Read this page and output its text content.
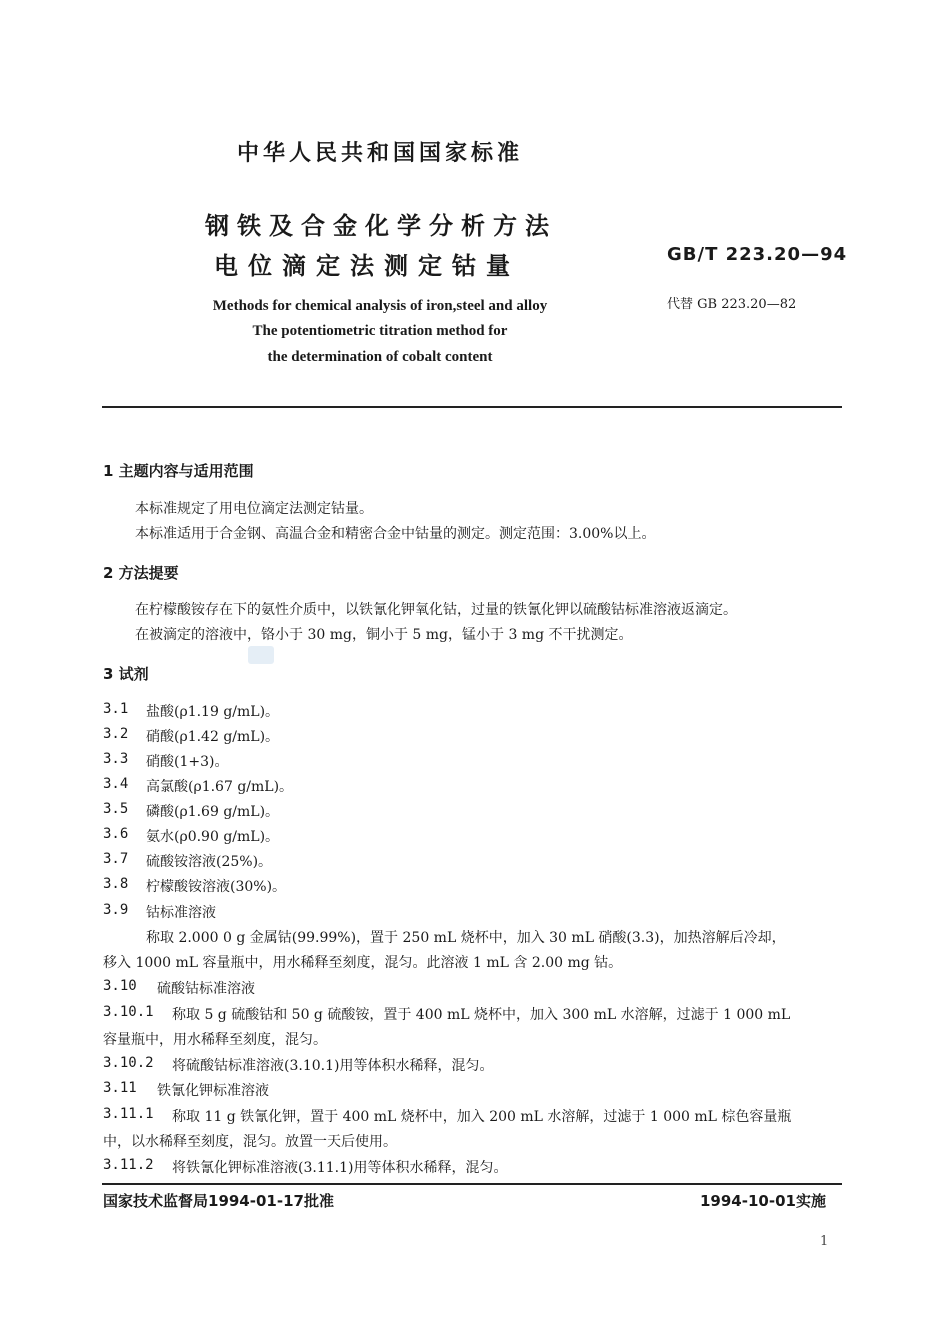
中华人民共和国国家标准
钢铁及合金化学分析方法
电位滴定法测定钴量	GB/T 223.20—94
代替 GB 223.20—82
Methods for chemical analysis of iron,steel and alloy
The potentiometric titration method for
the determination of cobalt content
1 主题内容与适用范围
本标准规定了用电位滴定法测定钴量。
本标准适用于合金钢、高温合金和精密合金中钴量的测定。测定范围：3.00%以上。
2 方法提要
在柠檬酸铵存在下的氨性介质中，以铁氰化钾氧化钴，过量的铁氰化钾以硫酸钴标准溶液返滴定。
在被滴定的溶液中，铬小于 30 mg，铜小于 5 mg，锰小于 3 mg 不干扰测定。
3 试剂
3.1 盐酸(ρ1.19 g/mL)。
3.2 硝酸(ρ1.42 g/mL)。
3.3 硝酸(1+3)。
3.4 高氯酸(ρ1.67 g/mL)。
3.5 磷酸(ρ1.69 g/mL)。
3.6 氨水(ρ0.90 g/mL)。
3.7 硫酸铵溶液(25%)。
3.8 柠檬酸铵溶液(30%)。
3.9 钴标准溶液
称取 2.000 0 g 金属钴(99.99%)，置于 250 mL 烧杯中，加入 30 mL 硝酸(3.3)，加热溶解后冷却，
移入 1000 mL 容量瓶中，用水稀释至刻度，混匀。此溶液 1 mL 含 2.00 mg 钴。
3.10 硫酸钴标准溶液
3.10.1 称取 5 g 硫酸钴和 50 g 硫酸铵，置于 400 mL 烧杯中，加入 300 mL 水溶解，过滤于 1 000 mL
容量瓶中，用水稀释至刻度，混匀。
3.10.2 将硫酸钴标准溶液(3.10.1)用等体积水稀释，混匀。
3.11 铁氰化钾标准溶液
3.11.1 称取 11 g 铁氰化钾，置于 400 mL 烧杯中，加入 200 mL 水溶解，过滤于 1 000 mL 棕色容量瓶
中，以水稀释至刻度，混匀。放置一天后使用。
3.11.2 将铁氰化钾标准溶液(3.11.1)用等体积水稀释，混匀。
国家技术监督局1994-01-17批准	1994-10-01实施
1
